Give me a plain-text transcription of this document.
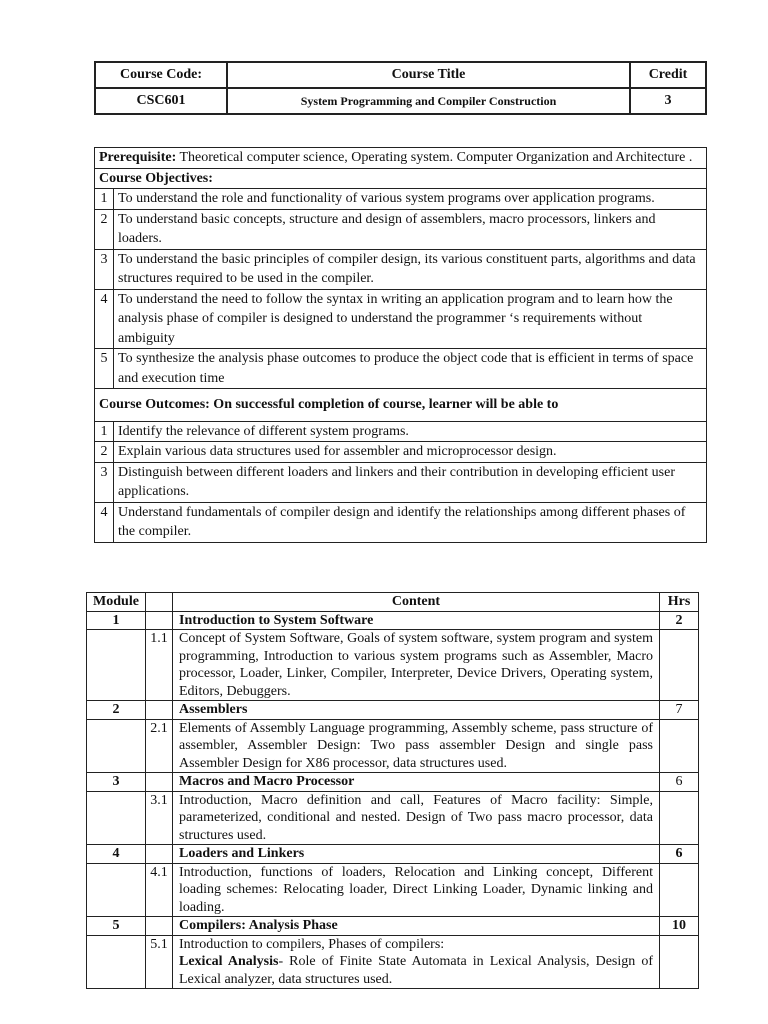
Course Code:	Course Title	Credit
CSC601	System Programming and Compiler Construction	3
Prerequisite: Theoretical computer science, Operating system. Computer Organization and Architecture .	
Course Objectives:	
1	To understand the role and functionality of various system programs over application programs.
2	To understand basic concepts, structure and design of assemblers, macro processors, linkers and loaders.
3	To understand the basic principles of compiler design, its various constituent parts, algorithms and data structures required to be used in the compiler.
4	To understand the need to follow the syntax in writing an application program and to learn how the analysis phase of compiler is designed to understand the programmer ‘s requirements without ambiguity
5	To synthesize the analysis phase outcomes to produce the object code that is efficient in terms of space and execution time
Course Outcomes: On successful completion of course, learner will be able to	
1	Identify the relevance of different system programs.
2	Explain various data structures used for assembler and microprocessor design.
3	Distinguish between different loaders and linkers and their contribution in developing efficient user applications.
4	Understand fundamentals of compiler design and identify the relationships among different phases of the compiler.
Module		Content	Hrs
1		Introduction to System Software	2
	1.1	Concept of System Software, Goals of system software, system program and system programming, Introduction to various system programs such as Assembler, Macro processor, Loader, Linker, Compiler, Interpreter, Device Drivers, Operating system, Editors, Debuggers.	
2		Assemblers	7
	2.1	Elements of Assembly Language programming, Assembly scheme, pass structure of assembler, Assembler Design: Two pass assembler Design and single pass Assembler Design for X86 processor, data structures used.	
3		Macros and Macro Processor	6
	3.1	Introduction, Macro definition and call, Features of Macro facility: Simple, parameterized, conditional and nested. Design of Two pass macro processor, data structures used.	
4		Loaders and Linkers	6
	4.1	Introduction, functions of loaders, Relocation and Linking concept, Different loading schemes: Relocating loader, Direct Linking Loader, Dynamic linking and loading.	
5		Compilers: Analysis Phase	10
	5.1	Introduction to compilers, Phases of compilers:
Lexical Analysis- Role of Finite State Automata in Lexical Analysis, Design of Lexical analyzer, data structures used.	
